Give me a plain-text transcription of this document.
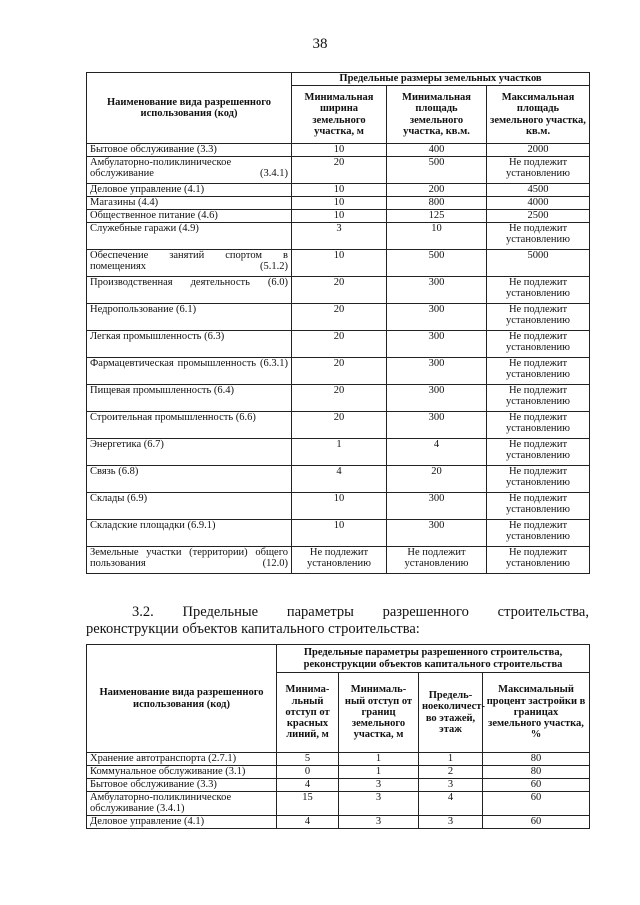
38
Наименование вида разрешенного использования (код)	Предельные размеры земельных участков		
	Минимальная ширина земельного участка, м	Минимальная площадь земельного участка, кв.м.	Максимальная площадь земельного участка, кв.м.
Бытовое обслуживание (3.3)	10	400	2000
Амбулаторно-поликлиническое обслуживание (3.4.1)	20	500	Не подлежит установлению
Деловое управление (4.1)	10	200	4500
Магазины (4.4)	10	800	4000
Общественное питание (4.6)	10	125	2500
Служебные гаражи (4.9)	3	10	Не подлежит установлению
Обеспечение занятий спортом в помещениях (5.1.2)	10	500	5000
Производственная деятельность (6.0)	20	300	Не подлежит установлению
Недропользование (6.1)	20	300	Не подлежит установлению
Легкая промышленность (6.3)	20	300	Не подлежит установлению
Фармацевтическая промышленность (6.3.1)	20	300	Не подлежит установлению
Пищевая промышленность (6.4)	20	300	Не подлежит установлению
Строительная промышленность (6.6)	20	300	Не подлежит установлению
Энергетика (6.7)	1	4	Не подлежит установлению
Связь (6.8)	4	20	Не подлежит установлению
Склады (6.9)	10	300	Не подлежит установлению
Складские площадки (6.9.1)	10	300	Не подлежит установлению
Земельные участки (территории) общего пользования (12.0)	Не подлежит установлению	Не подлежит установлению	Не подлежит установлению
3.2. Предельные параметры разрешенного строительства,
реконструкции объектов капитального строительства:
Наименование вида разрешенного использования (код)	Предельные параметры разрешенного строительства, реконструкции объектов капитального строительства			
	Минима-льный отступ от красных линий, м	Минималь-ный отступ от границ земельного участка, м	Предель-ноеколичест-во этажей, этаж	Максимальный процент застройки в границах земельного участка, %
Хранение автотранспорта (2.7.1)	5	1	1	80
Коммунальное обслуживание (3.1)	0	1	2	80
Бытовое обслуживание (3.3)	4	3	3	60
Амбулаторно-поликлиническое обслуживание (3.4.1)	15	3	4	60
Деловое управление (4.1)	4	3	3	60
